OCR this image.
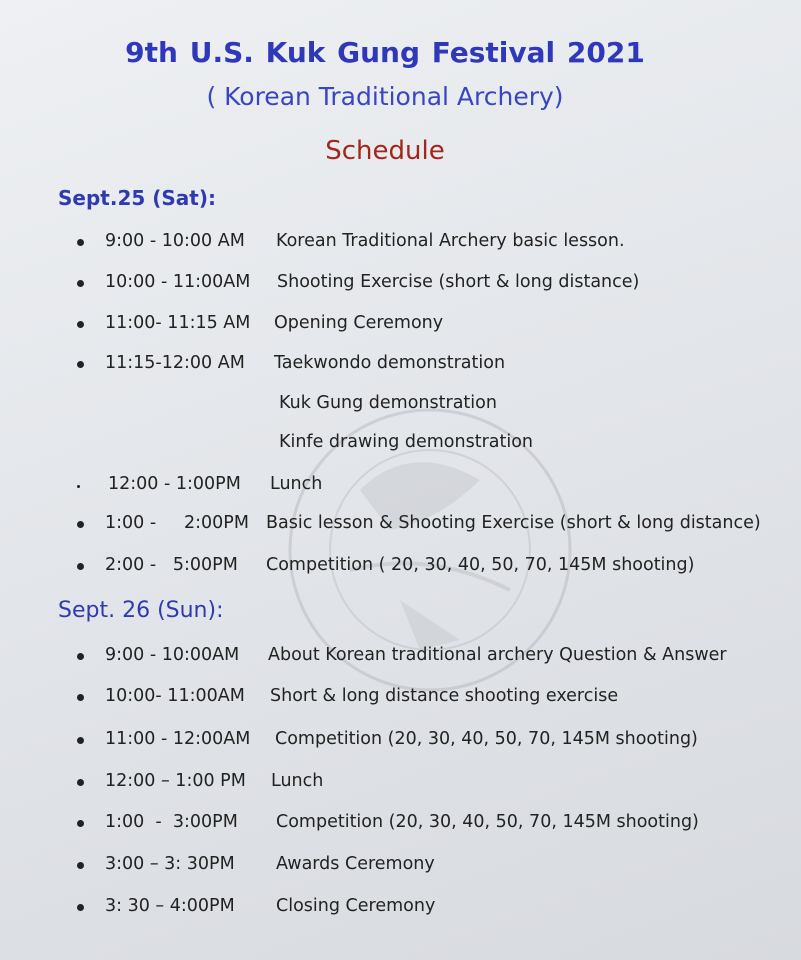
9th U.S. Kuk Gung Festival 2021
( Korean Traditional Archery)
Schedule
Sept.25 (Sat):
9:00 - 10:00 AM Korean Traditional Archery basic lesson.
10:00 - 11:00AM Shooting Exercise (short & long distance)
11:00- 11:15 AM Opening Ceremony
11:15-12:00 AM Taekwondo demonstration
Kuk Gung demonstration
Kinfe drawing demonstration
12:00 - 1:00PM Lunch
1:00 -     2:00PM Basic lesson & Shooting Exercise (short & long distance)
2:00 -   5:00PM Competition ( 20, 30, 40, 50, 70, 145M shooting)
Sept. 26 (Sun):
9:00 - 10:00AM About Korean traditional archery Question & Answer
10:00- 11:00AM Short & long distance shooting exercise
11:00 - 12:00AM Competition (20, 30, 40, 50, 70, 145M shooting)
12:00 – 1:00 PM Lunch
1:00  -  3:00PM Competition (20, 30, 40, 50, 70, 145M shooting)
3:00 – 3: 30PM Awards Ceremony
3: 30 – 4:00PM Closing Ceremony
